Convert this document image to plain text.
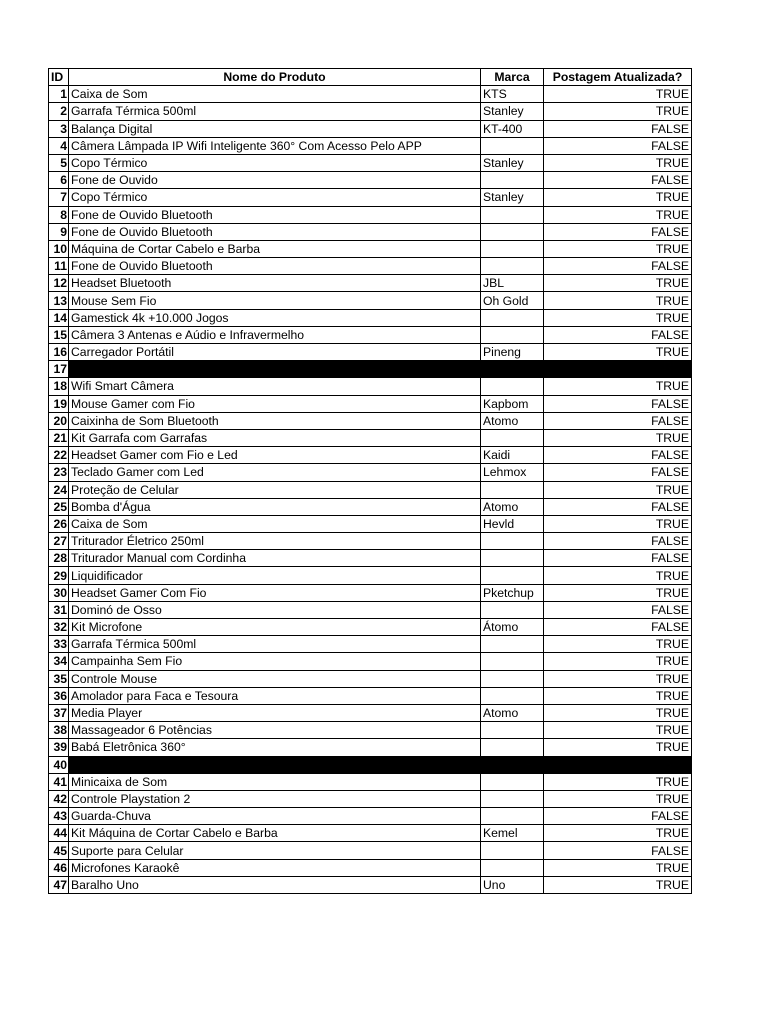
ID	Nome do Produto	Marca	Postagem Atualizada?
1	Caixa de Som	KTS	TRUE
2	Garrafa Térmica 500ml	Stanley	TRUE
3	Balança Digital	KT-400	FALSE
4	Câmera Lâmpada IP Wifi Inteligente 360° Com Acesso Pelo APP		FALSE
5	Copo Térmico	Stanley	TRUE
6	Fone de Ouvido		FALSE
7	Copo Térmico	Stanley	TRUE
8	Fone de Ouvido Bluetooth		TRUE
9	Fone de Ouvido Bluetooth		FALSE
10	Máquina de Cortar Cabelo e Barba		TRUE
11	Fone de Ouvido Bluetooth		FALSE
12	Headset Bluetooth	JBL	TRUE
13	Mouse Sem Fio	Oh Gold	TRUE
14	Gamestick 4k +10.000 Jogos		TRUE
15	Câmera 3 Antenas e Aúdio e Infravermelho		FALSE
16	Carregador Portátil	Pineng	TRUE
17			
18	Wifi Smart Câmera		TRUE
19	Mouse Gamer com Fio	Kapbom	FALSE
20	Caixinha de Som Bluetooth	Atomo	FALSE
21	Kit Garrafa com Garrafas		TRUE
22	Headset Gamer com Fio e Led	Kaidi	FALSE
23	Teclado Gamer com Led	Lehmox	FALSE
24	Proteção de Celular		TRUE
25	Bomba d'Água	Atomo	FALSE
26	Caixa de Som	Hevld	TRUE
27	Triturador Életrico 250ml		FALSE
28	Triturador Manual com Cordinha		FALSE
29	Liquidificador		TRUE
30	Headset Gamer Com Fio	Pketchup	TRUE
31	Dominó de Osso		FALSE
32	Kit Microfone	Átomo	FALSE
33	Garrafa Térmica 500ml		TRUE
34	Campainha Sem Fio		TRUE
35	Controle Mouse		TRUE
36	Amolador para Faca e Tesoura		TRUE
37	Media Player	Atomo	TRUE
38	Massageador 6 Potências		TRUE
39	Babá Eletrônica 360°		TRUE
40			
41	Minicaixa de Som		TRUE
42	Controle Playstation 2		TRUE
43	Guarda-Chuva		FALSE
44	Kit Máquina de Cortar Cabelo e Barba	Kemel	TRUE
45	Suporte para Celular		FALSE
46	Microfones Karaokê		TRUE
47	Baralho Uno	Uno	TRUE
